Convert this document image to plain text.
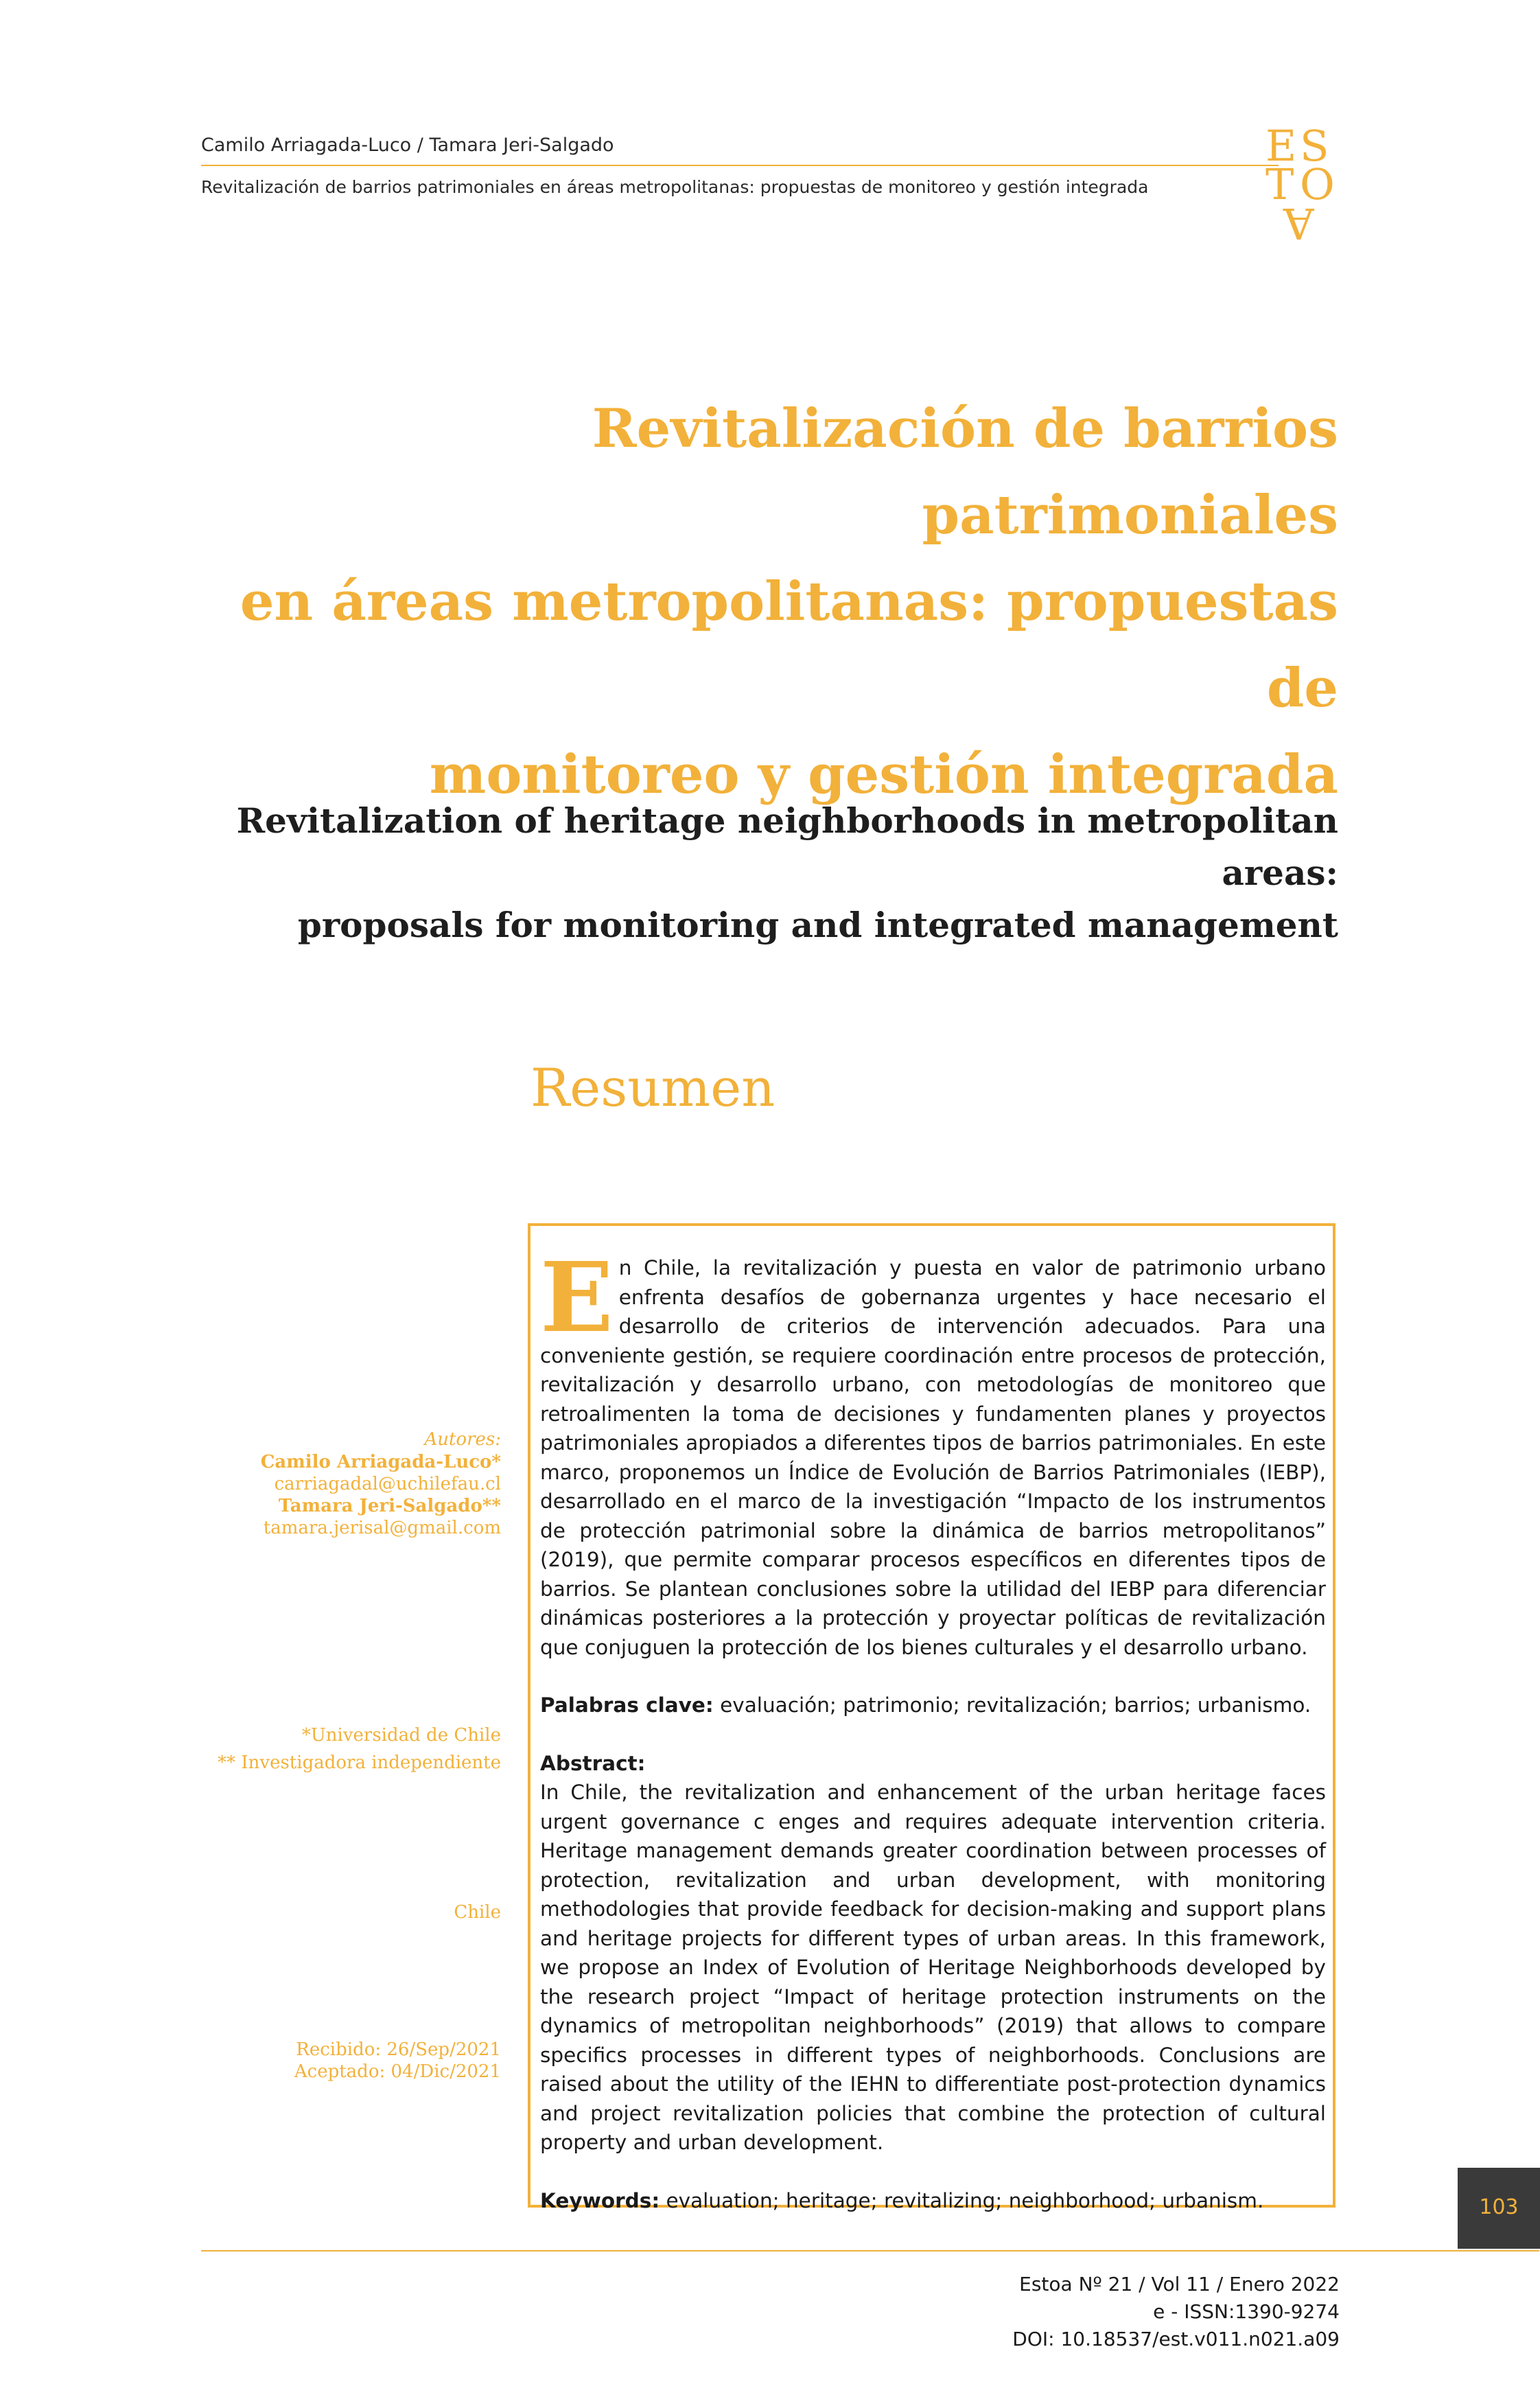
Camilo Arriagada-Luco / Tamara Jeri-Salgado
Revitalización de barrios patrimoniales en áreas metropolitanas: propuestas de monitoreo y gestión integrada
E S
T O
A
Revitalización de barrios patrimoniales
en áreas metropolitanas: propuestas de
monitoreo y gestión integrada
Revitalization of heritage neighborhoods in metropolitan areas:
proposals for monitoring and integrated management
Resumen
Autores:
Camilo Arriagada-Luco*
carriagadal@uchilefau.cl
Tamara Jeri-Salgado**
tamara.jerisal@gmail.com
*Universidad de Chile
** Investigadora independiente
Chile
Recibido: 26/Sep/2021
Aceptado: 04/Dic/2021

En Chile, la revitalización y puesta en valor de patrimonio urbano enfrenta desafíos de gobernanza urgentes y hace necesario el desarrollo de criterios de intervención adecuados. Para una conveniente gestión, se requiere coordinación entre procesos de protección, revitalización y desarrollo urbano, con metodologías de monitoreo que retroalimenten la toma de decisiones y fundamenten planes y proyectos patrimoniales apropiados a diferentes tipos de barrios patrimoniales. En este marco, proponemos un Índice de Evolución de Barrios Patrimoniales (IEBP), desarrollado en el marco de la investigación “Impacto de los instrumentos de protección patrimonial sobre la dinámica de barrios metropolitanos” (2019), que permite comparar procesos específicos en diferentes tipos de barrios. Se plantean conclusiones sobre la utilidad del IEBP para diferenciar dinámicas posteriores a la protección y proyectar políticas de revitalización que conjuguen la protección de los bienes culturales y el desarrollo urbano.

Palabras clave: evaluación; patrimonio; revitalización; barrios; urbanismo.

Abstract:

In Chile, the revitalization and enhancement of the urban heritage faces urgent governance c enges and requires adequate intervention criteria. Heritage management demands greater coordination between processes of protection, revitalization and urban development, with monitoring methodologies that provide feedback for decision-making and support plans and heritage projects for different types of urban areas. In this framework, we propose an Index of Evolution of Heritage Neighborhoods developed by the research project “Impact of heritage protection instruments on the dynamics of metropolitan neighborhoods” (2019) that allows to compare specifics processes in different types of neighborhoods. Conclusions are raised about the utility of the IEHN to differentiate post-protection dynamics and project revitalization policies that combine the protection of cultural property and urban development.

Keywords: evaluation; heritage; revitalizing; neighborhood; urbanism.	103
Estoa Nº 21 / Vol 11 / Enero 2022
e - ISSN:1390-9274
DOI: 10.18537/est.v011.n021.a09
